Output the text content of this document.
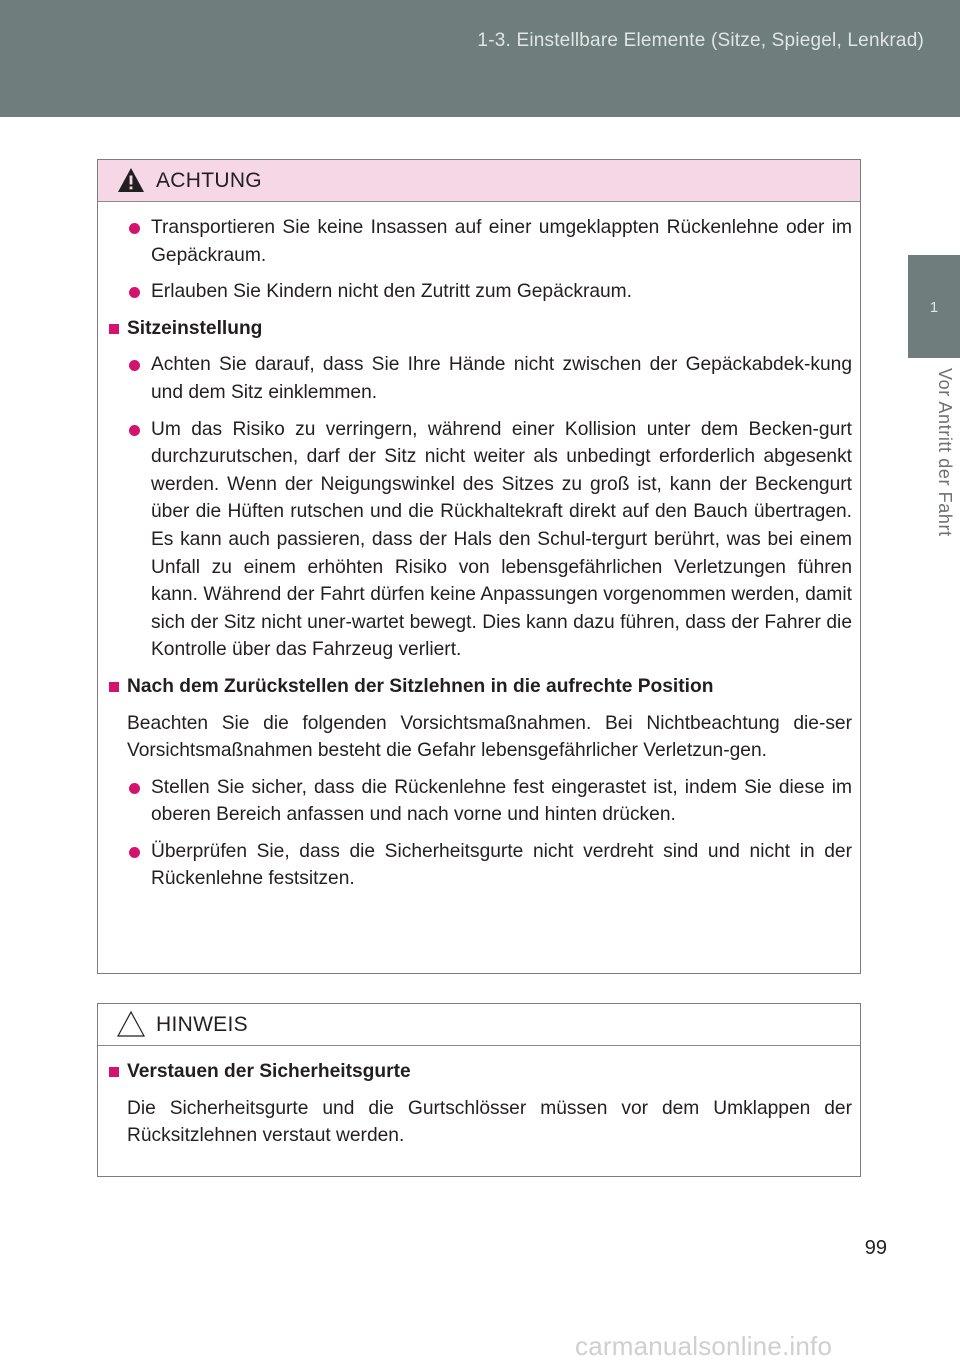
1-3. Einstellbare Elemente (Sitze, Spiegel, Lenkrad)
1
Vor Antritt der Fahrt
ACHTUNG

Transportieren Sie keine Insassen auf einer umgeklappten Rückenlehne oder im Gepäckraum.

Erlauben Sie Kindern nicht den Zutritt zum Gepäckraum.

Sitzeinstellung

Achten Sie darauf, dass Sie Ihre Hände nicht zwischen der Gepäckabdek-kung und dem Sitz einklemmen.

Um das Risiko zu verringern, während einer Kollision unter dem Becken-gurt durchzurutschen, darf der Sitz nicht weiter als unbedingt erforderlich abgesenkt werden. Wenn der Neigungswinkel des Sitzes zu groß ist, kann der Beckengurt über die Hüften rutschen und die Rückhaltekraft direkt auf den Bauch übertragen. Es kann auch passieren, dass der Hals den Schul-tergurt berührt, was bei einem Unfall zu einem erhöhten Risiko von lebensgefährlichen Verletzungen führen kann. Während der Fahrt dürfen keine Anpassungen vorgenommen werden, damit sich der Sitz nicht uner-wartet bewegt. Dies kann dazu führen, dass der Fahrer die Kontrolle über das Fahrzeug verliert.

Nach dem Zurückstellen der Sitzlehnen in die aufrechte Position

Beachten Sie die folgenden Vorsichtsmaßnahmen. Bei Nichtbeachtung die-ser Vorsichtsmaßnahmen besteht die Gefahr lebensgefährlicher Verletzun-gen.

Stellen Sie sicher, dass die Rückenlehne fest eingerastet ist, indem Sie diese im oberen Bereich anfassen und nach vorne und hinten drücken.

Überprüfen Sie, dass die Sicherheitsgurte nicht verdreht sind und nicht in der Rückenlehne festsitzen.

HINWEIS

Verstauen der Sicherheitsgurte

Die Sicherheitsgurte und die Gurtschlösser müssen vor dem Umklappen der Rücksitzlehnen verstaut werden.

99
carmanualsonline.info
